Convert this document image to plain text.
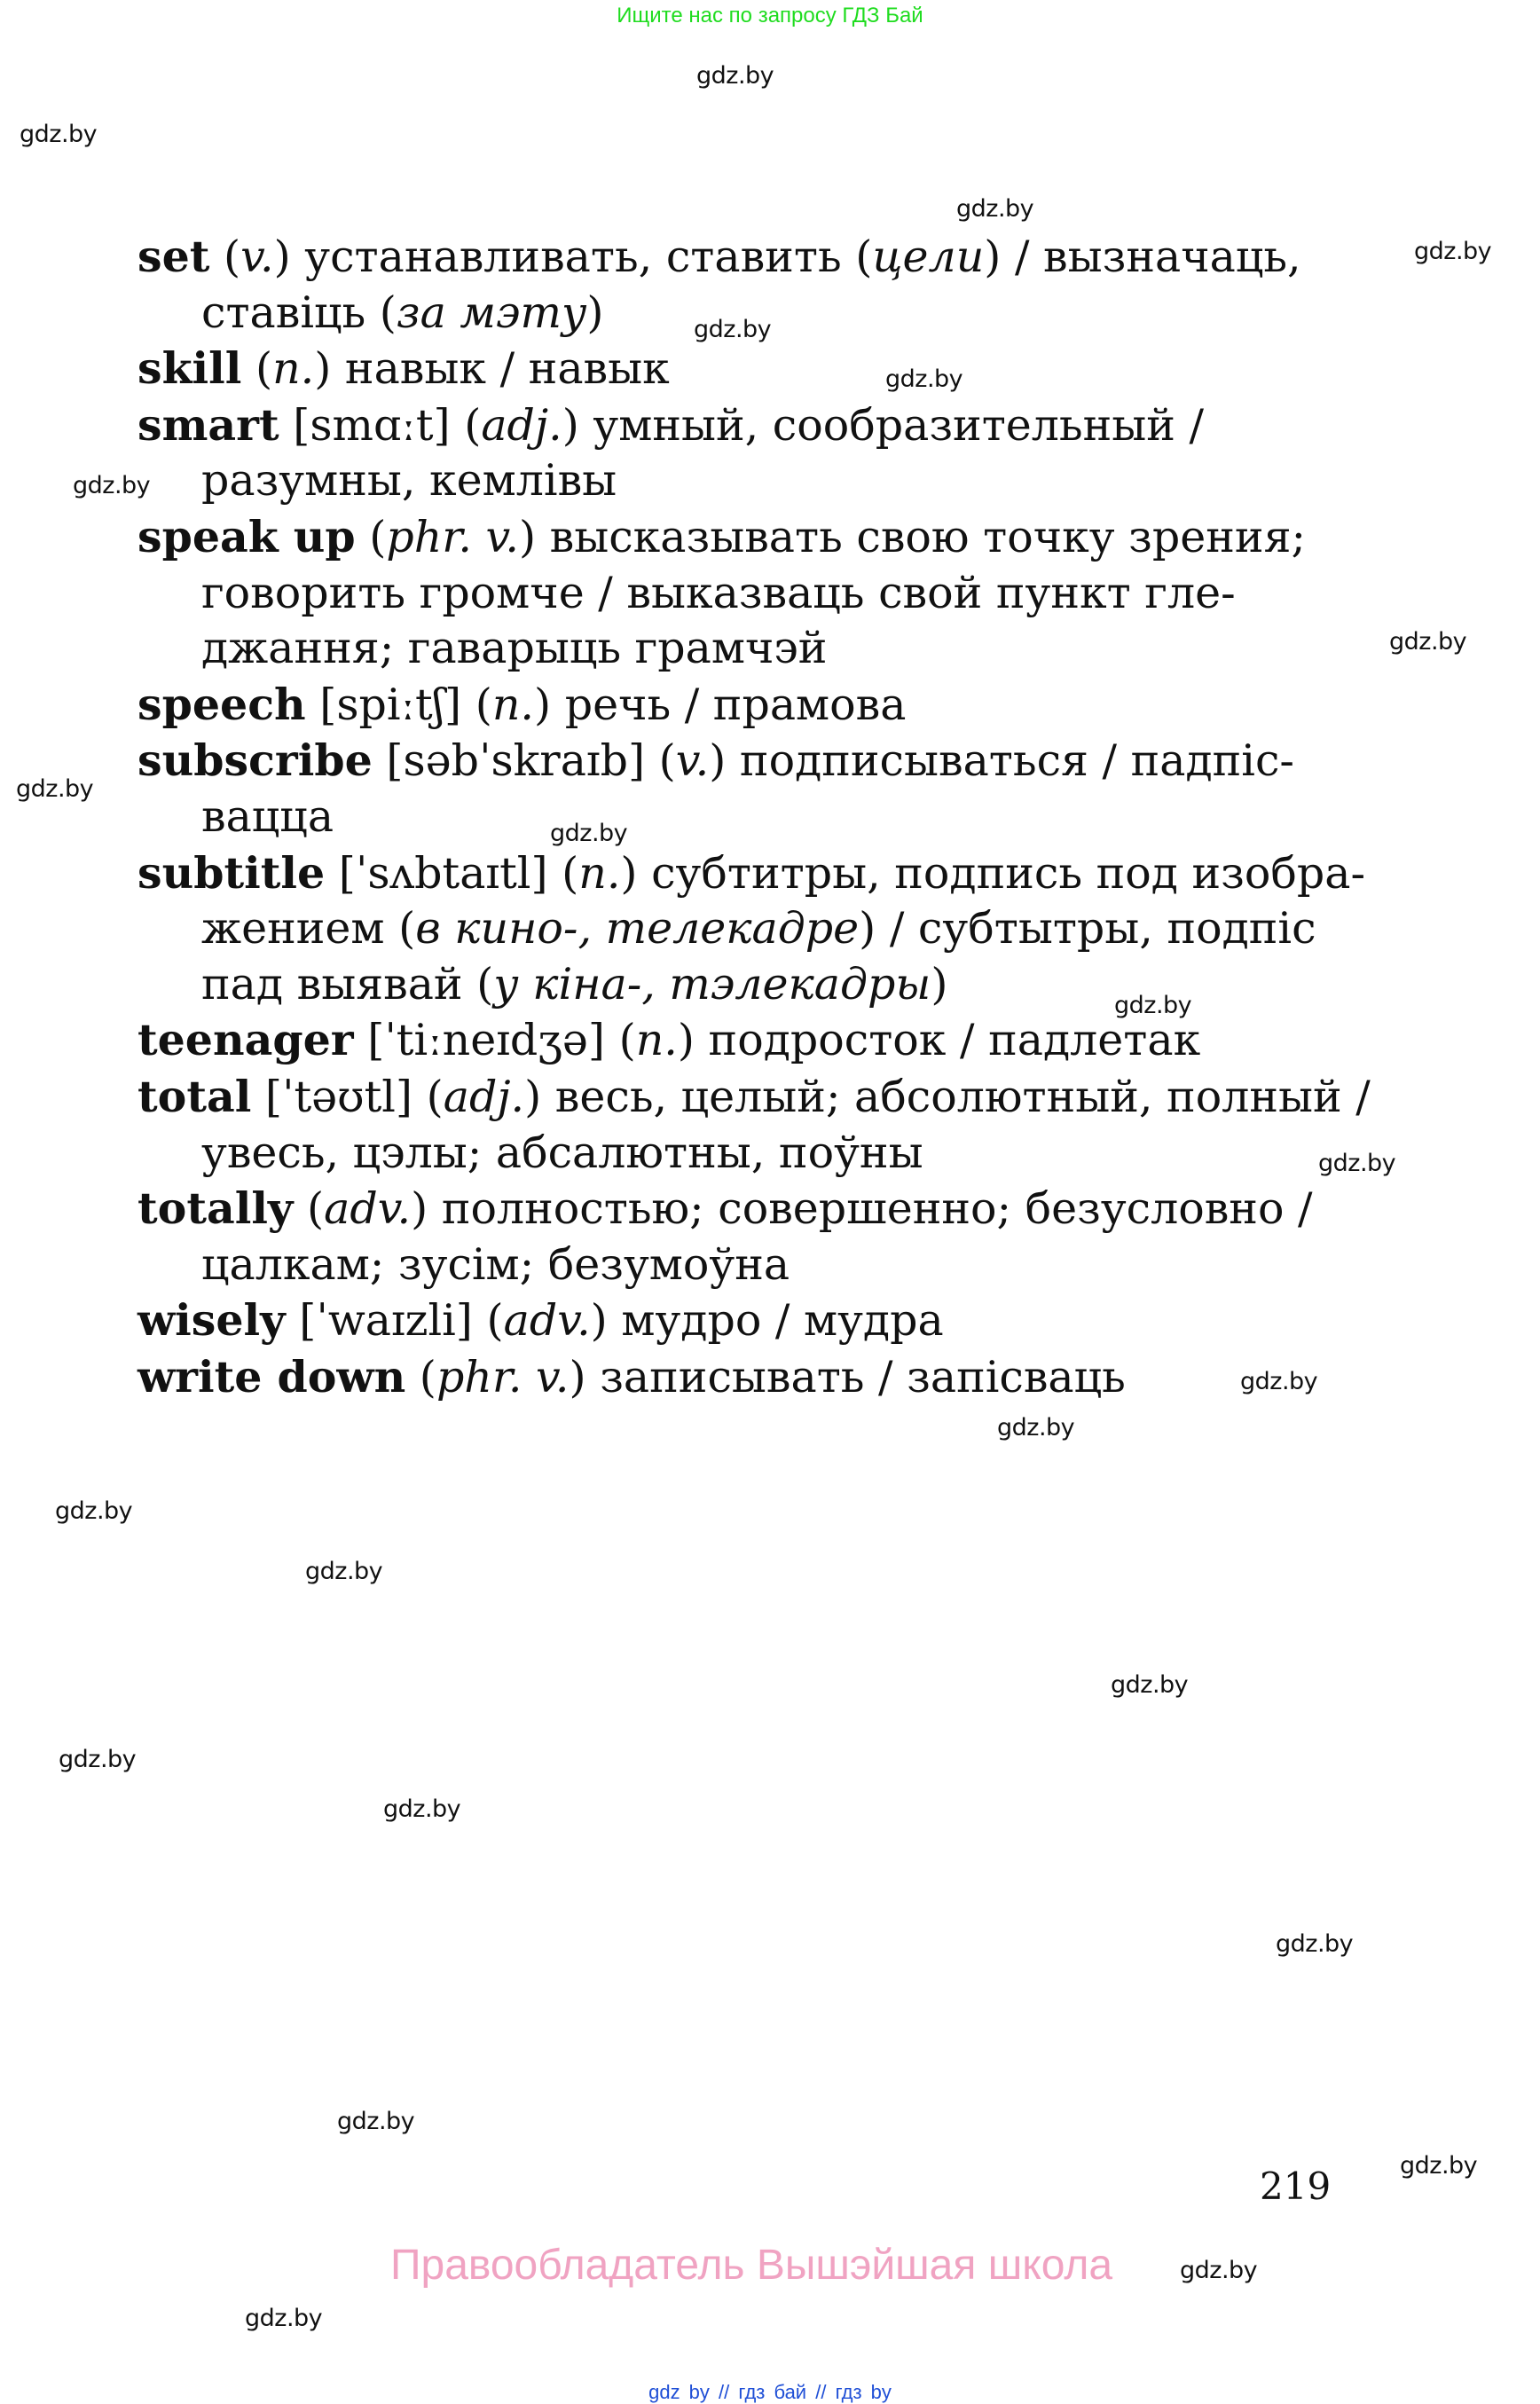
Ищите нас по запросу ГДЗ Бай
gdz.by
gdz.by
gdz.by
gdz.by
gdz.by
gdz.by
gdz.by
gdz.by
gdz.by
gdz.by
gdz.by
gdz.by
gdz.by
gdz.by
gdz.by
gdz.by
gdz.by
gdz.by
gdz.by
gdz.by
gdz.by
gdz.by
gdz.by
gdz.by
set (v.) устанавливать, ставить (цели) / вызначаць,
ставіць (за мэту)
skill (n.) навык / навык
smart [smɑːt] (adj.) умный, сообразительный /
разумны, кемлівы
speak up (phr. v.) высказывать свою точку зрения;
говорить громче / выказваць свой пункт гле-
джання; гаварыць грамчэй
speech [spiːtʃ] (n.) речь / прамова
subscribe [səbˈskraɪb] (v.) подписываться / падпіс-
вацца
subtitle [ˈsʌbtaɪtl] (n.) субтитры, подпись под изобра-
жением (в кино-, телекадре) / субтытры, подпіс
пад выявай (у кіна-, тэлекадры)
teenager [ˈtiːneɪdʒə] (n.) подросток / падлетак
total [ˈtəʊtl] (adj.) весь, целый; абсолютный, полный /
увесь, цэлы; абсалютны, поўны
totally (adv.) полностью; совершенно; безусловно /
цалкам; зусім; безумоўна
wisely [ˈwaɪzli] (adv.) мудро / мудра
write down (phr. v.) записывать / запісваць
219
Правообладатель Вышэйшая школа
gdz by // гдз бай // гдз by
